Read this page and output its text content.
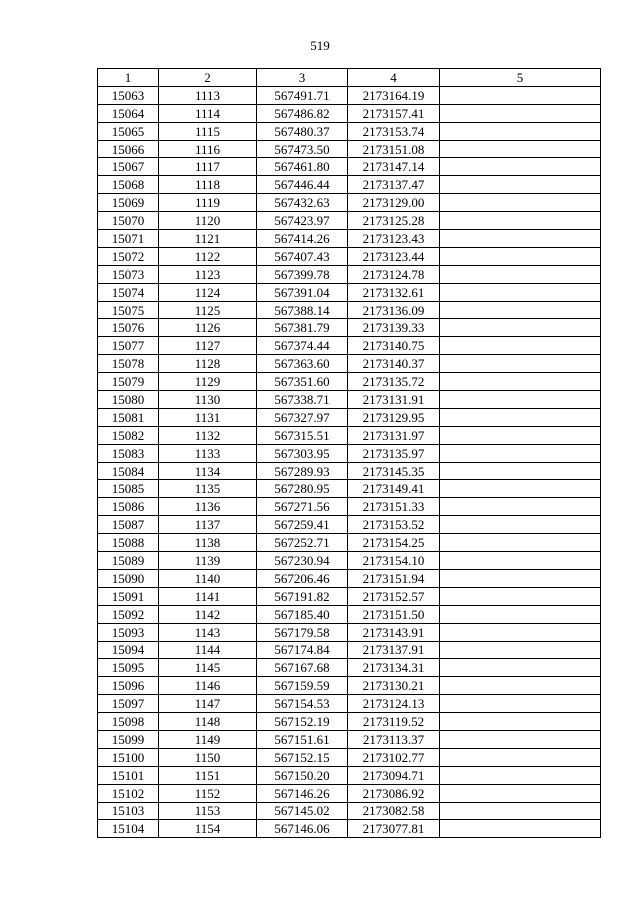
519
1	2	3	4	5
15063	1113	567491.71	2173164.19	
15064	1114	567486.82	2173157.41	
15065	1115	567480.37	2173153.74	
15066	1116	567473.50	2173151.08	
15067	1117	567461.80	2173147.14	
15068	1118	567446.44	2173137.47	
15069	1119	567432.63	2173129.00	
15070	1120	567423.97	2173125.28	
15071	1121	567414.26	2173123.43	
15072	1122	567407.43	2173123.44	
15073	1123	567399.78	2173124.78	
15074	1124	567391.04	2173132.61	
15075	1125	567388.14	2173136.09	
15076	1126	567381.79	2173139.33	
15077	1127	567374.44	2173140.75	
15078	1128	567363.60	2173140.37	
15079	1129	567351.60	2173135.72	
15080	1130	567338.71	2173131.91	
15081	1131	567327.97	2173129.95	
15082	1132	567315.51	2173131.97	
15083	1133	567303.95	2173135.97	
15084	1134	567289.93	2173145.35	
15085	1135	567280.95	2173149.41	
15086	1136	567271.56	2173151.33	
15087	1137	567259.41	2173153.52	
15088	1138	567252.71	2173154.25	
15089	1139	567230.94	2173154.10	
15090	1140	567206.46	2173151.94	
15091	1141	567191.82	2173152.57	
15092	1142	567185.40	2173151.50	
15093	1143	567179.58	2173143.91	
15094	1144	567174.84	2173137.91	
15095	1145	567167.68	2173134.31	
15096	1146	567159.59	2173130.21	
15097	1147	567154.53	2173124.13	
15098	1148	567152.19	2173119.52	
15099	1149	567151.61	2173113.37	
15100	1150	567152.15	2173102.77	
15101	1151	567150.20	2173094.71	
15102	1152	567146.26	2173086.92	
15103	1153	567145.02	2173082.58	
15104	1154	567146.06	2173077.81	
